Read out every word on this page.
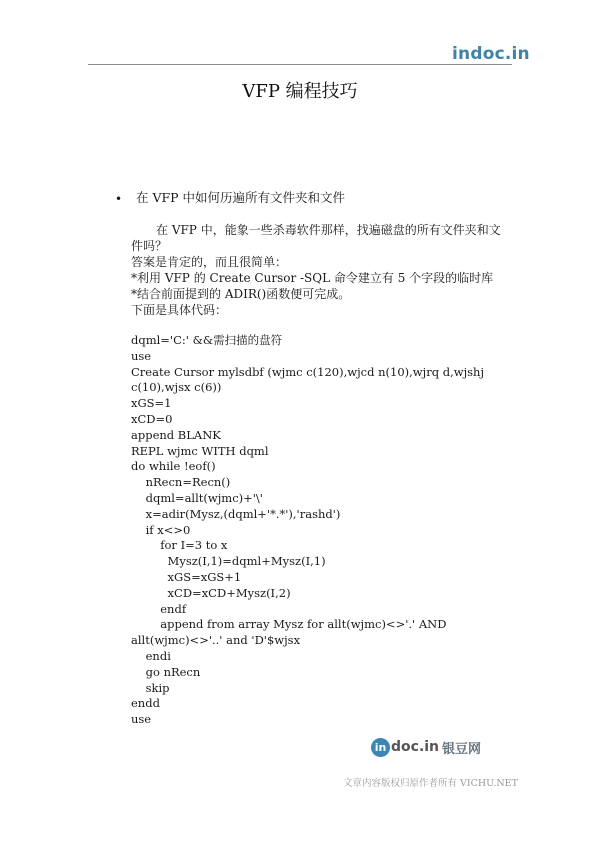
indoc.in
VFP 编程技巧
• 在 VFP 中如何历遍所有文件夹和文件
在 VFP 中，能象一些杀毒软件那样，找遍磁盘的所有文件夹和文
件吗？
答案是肯定的，而且很简单：
*利用 VFP 的 Create Cursor -SQL 命令建立有 5 个字段的临时库
*结合前面提到的 ADIR()函数便可完成。
下面是具体代码：
dqml='C:' &&需扫描的盘符
use
Create Cursor mylsdbf (wjmc c(120),wjcd n(10),wjrq d,wjshj
c(10),wjsx c(6))
xGS=1
xCD=0
append BLANK
REPL wjmc WITH dqml
do while !eof()
nRecn=Recn()
dqml=allt(wjmc)+'\'
x=adir(Mysz,(dqml+'*.*'),'rashd')
if x<>0
for I=3 to x
Mysz(I,1)=dqml+Mysz(I,1)
xGS=xGS+1
xCD=xCD+Mysz(I,2)
endf
append from array Mysz for allt(wjmc)<>'.' AND
allt(wjmc)<>'..' and 'D'$wjsx
endi
go nRecn
skip
endd
use
in doc.in 银豆网
文章内容版权归原作者所有 VICHU.NET
